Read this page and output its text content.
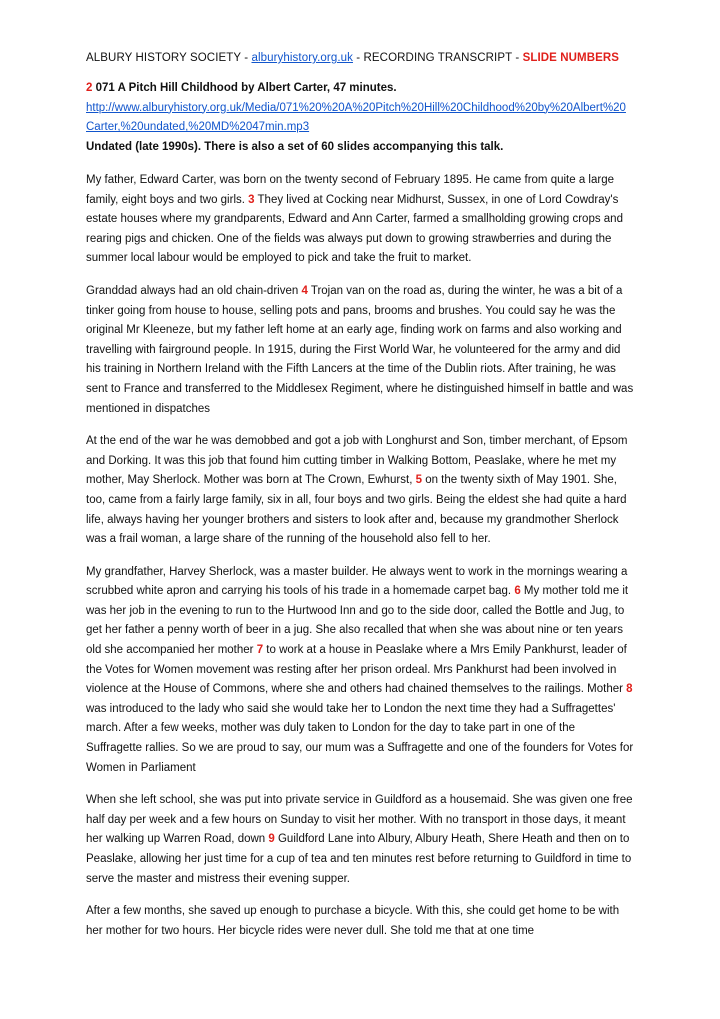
ALBURY HISTORY SOCIETY - alburyhistory.org.uk - RECORDING TRANSCRIPT - SLIDE NUMBERS
2 071 A Pitch Hill Childhood by Albert Carter, 47 minutes.
http://www.alburyhistory.org.uk/Media/071%20%20A%20Pitch%20Hill%20Childhood%20by%20Albert%20Carter,%20undated,%20MD%2047min.mp3
Undated (late 1990s). There is also a set of 60 slides accompanying this talk.

My father, Edward Carter, was born on the twenty second of February 1895. He came from quite a large family, eight boys and two girls. 3 They lived at Cocking near Midhurst, Sussex, in one of Lord Cowdray's estate houses where my grandparents, Edward and Ann Carter, farmed a smallholding growing crops and rearing pigs and chicken. One of the fields was always put down to growing strawberries and during the summer local labour would be employed to pick and take the fruit to market.

Granddad always had an old chain-driven 4 Trojan van on the road as, during the winter, he was a bit of a tinker going from house to house, selling pots and pans, brooms and brushes. You could say he was the original Mr Kleeneze, but my father left home at an early age, finding work on farms and also working and travelling with fairground people. In 1915, during the First World War, he volunteered for the army and did his training in Northern Ireland with the Fifth Lancers at the time of the Dublin riots. After training, he was sent to France and transferred to the Middlesex Regiment, where he distinguished himself in battle and was mentioned in dispatches

At the end of the war he was demobbed and got a job with Longhurst and Son, timber merchant, of Epsom and Dorking. It was this job that found him cutting timber in Walking Bottom, Peaslake, where he met my mother, May Sherlock. Mother was born at The Crown, Ewhurst, 5 on the twenty sixth of May 1901. She, too, came from a fairly large family, six in all, four boys and two girls. Being the eldest she had quite a hard life, always having her younger brothers and sisters to look after and, because my grandmother Sherlock was a frail woman, a large share of the running of the household also fell to her.

My grandfather, Harvey Sherlock, was a master builder. He always went to work in the mornings wearing a scrubbed white apron and carrying his tools of his trade in a homemade carpet bag. 6 My mother told me it was her job in the evening to run to the Hurtwood Inn and go to the side door, called the Bottle and Jug, to get her father a penny worth of beer in a jug. She also recalled that when she was about nine or ten years old she accompanied her mother 7 to work at a house in Peaslake where a Mrs Emily Pankhurst, leader of the Votes for Women movement was resting after her prison ordeal. Mrs Pankhurst had been involved in violence at the House of Commons, where she and others had chained themselves to the railings. Mother 8 was introduced to the lady who said she would take her to London the next time they had a Suffragettes' march. After a few weeks, mother was duly taken to London for the day to take part in one of the Suffragette rallies. So we are proud to say, our mum was a Suffragette and one of the founders for Votes for Women in Parliament

When she left school, she was put into private service in Guildford as a housemaid. She was given one free half day per week and a few hours on Sunday to visit her mother. With no transport in those days, it meant her walking up Warren Road, down 9 Guildford Lane into Albury, Albury Heath, Shere Heath and then on to Peaslake, allowing her just time for a cup of tea and ten minutes rest before returning to Guildford in time to serve the master and mistress their evening supper.

After a few months, she saved up enough to purchase a bicycle. With this, she could get home to be with her mother for two hours. Her bicycle rides were never dull. She told me that at one time
